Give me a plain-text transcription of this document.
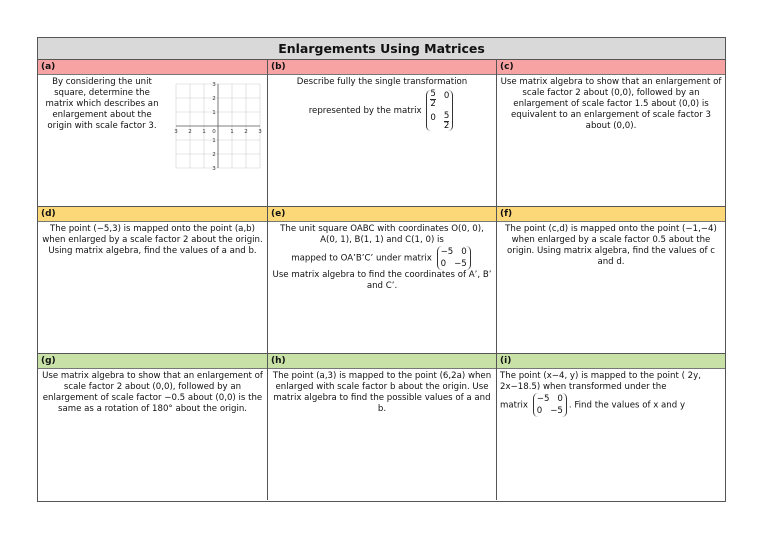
Enlargements Using Matrices
(a)
By considering the unit square, determine the matrix which describes an enlargement about the origin with scale factor 3.
3 2 1 0	1 2 3
3
2
1
1
2
3
(b)
Describe fully the single transformation
represented by the matrix
$\frac{5}{2} 0$
$0 \frac{5}{2}$
(c)
Use matrix algebra to show that an enlargement of scale factor 2 about (0,0), followed by an enlargement of scale factor 1.5 about (0,0) is equivalent to an enlargement of scale factor 3 about (0,0).
(d)
The point (−5,3) is mapped onto the point (a,b) when enlarged by a scale factor 2 about the origin. Using matrix algebra, find the values of a and b.
(e)
The unit square OABC with coordinates O(0, 0), A(0, 1), B(1, 1) and C(1, 0) is
mapped to OA’B’C’ under matrix
−5 0
0 −5
Use matrix algebra to find the coordinates of A’, B’ and C’.
(f)
The point (c,d) is mapped onto the point (−1,−4) when enlarged by a scale factor 0.5 about the origin. Using matrix algebra, find the values of c and d.
(g)
Use matrix algebra to show that an enlargement of scale factor 2 about (0,0), followed by an enlargement of scale factor −0.5 about (0,0) is the same as a rotation of 180° about the origin.
(h)
The point (a,3) is mapped to the point (6,2a) when enlarged with scale factor b about the origin. Use matrix algebra to find the possible values of a and b.
(i)
The point (x−4, y) is mapped to the point ( 2y, 2x−18.5) when transformed under the
matrix
−5 0
0 −5
. Find the values of x and y
